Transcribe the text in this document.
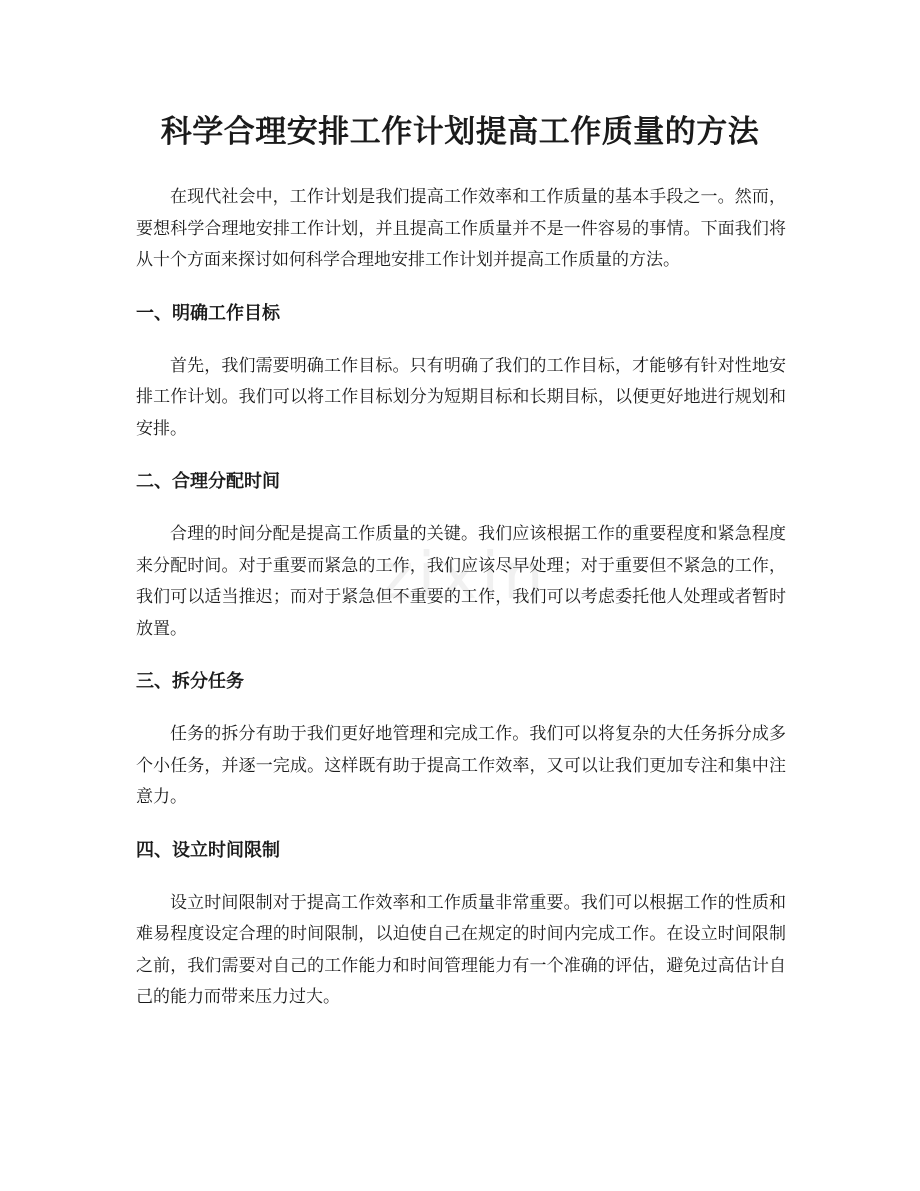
zixin
科学合理安排工作计划提高工作质量的方法

在现代社会中，工作计划是我们提高工作效率和工作质量的基本手段之一。然而，要想科学合理地安排工作计划，并且提高工作质量并不是一件容易的事情。下面我们将从十个方面来探讨如何科学合理地安排工作计划并提高工作质量的方法。

一、明确工作目标

首先，我们需要明确工作目标。只有明确了我们的工作目标，才能够有针对性地安排工作计划。我们可以将工作目标划分为短期目标和长期目标，以便更好地进行规划和安排。

二、合理分配时间

合理的时间分配是提高工作质量的关键。我们应该根据工作的重要程度和紧急程度来分配时间。对于重要而紧急的工作，我们应该尽早处理；对于重要但不紧急的工作，我们可以适当推迟；而对于紧急但不重要的工作，我们可以考虑委托他人处理或者暂时放置。

三、拆分任务

任务的拆分有助于我们更好地管理和完成工作。我们可以将复杂的大任务拆分成多个小任务，并逐一完成。这样既有助于提高工作效率，又可以让我们更加专注和集中注意力。

四、设立时间限制

设立时间限制对于提高工作效率和工作质量非常重要。我们可以根据工作的性质和难易程度设定合理的时间限制，以迫使自己在规定的时间内完成工作。在设立时间限制之前，我们需要对自己的工作能力和时间管理能力有一个准确的评估，避免过高估计自己的能力而带来压力过大。
